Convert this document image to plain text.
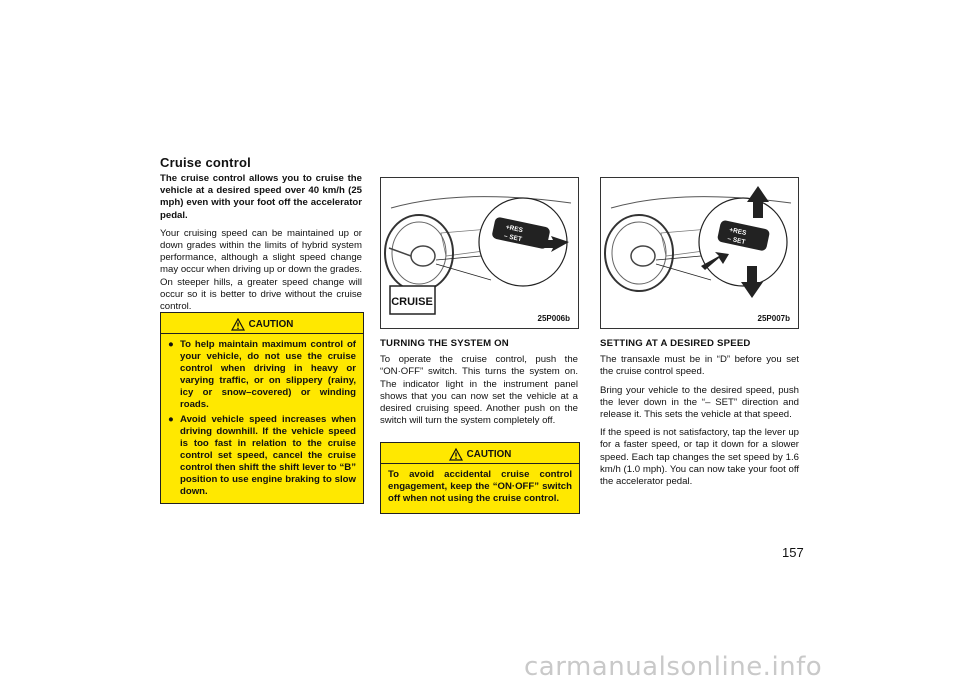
Cruise control

The cruise control allows you to cruise the vehicle at a desired speed over 40 km/h (25 mph) even with your foot off the accelerator pedal.

Your cruising speed can be maintained up or down grades within the limits of hybrid system performance, although a slight speed change may occur when driving up or down the grades. On steeper hills, a greater speed change will occur so it is better to drive without the cruise control.

CAUTION
● To help maintain maximum control of your vehicle, do not use the cruise control when driving in heavy or varying traffic, or on slippery (rainy, icy or snow–covered) or winding roads.
● Avoid vehicle speed increases when driving downhill. If the vehicle speed is too fast in relation to the cruise control set speed, cancel the cruise control then shift the shift lever to “B” position to use engine braking to slow down.
+RES
– SET
CRUISE
25P006b

TURNING THE SYSTEM ON

To operate the cruise control, push the “ON·OFF” switch. This turns the system on. The indicator light in the instrument panel shows that you can now set the vehicle at a desired cruising speed. Another push on the switch will turn the system completely off.

CAUTION
To avoid accidental cruise control engagement, keep the “ON·OFF” switch off when not using the cruise control.
+RES
– SET
25P007b

SETTING AT A DESIRED SPEED

The transaxle must be in “D” before you set the cruise control speed.

Bring your vehicle to the desired speed, push the lever down in the “– SET” direction and release it. This sets the vehicle at that speed.

If the speed is not satisfactory, tap the lever up for a faster speed, or tap it down for a slower speed. Each tap changes the set speed by 1.6 km/h (1.0 mph). You can now take your foot off the accelerator pedal.

157
carmanualsonline.info
